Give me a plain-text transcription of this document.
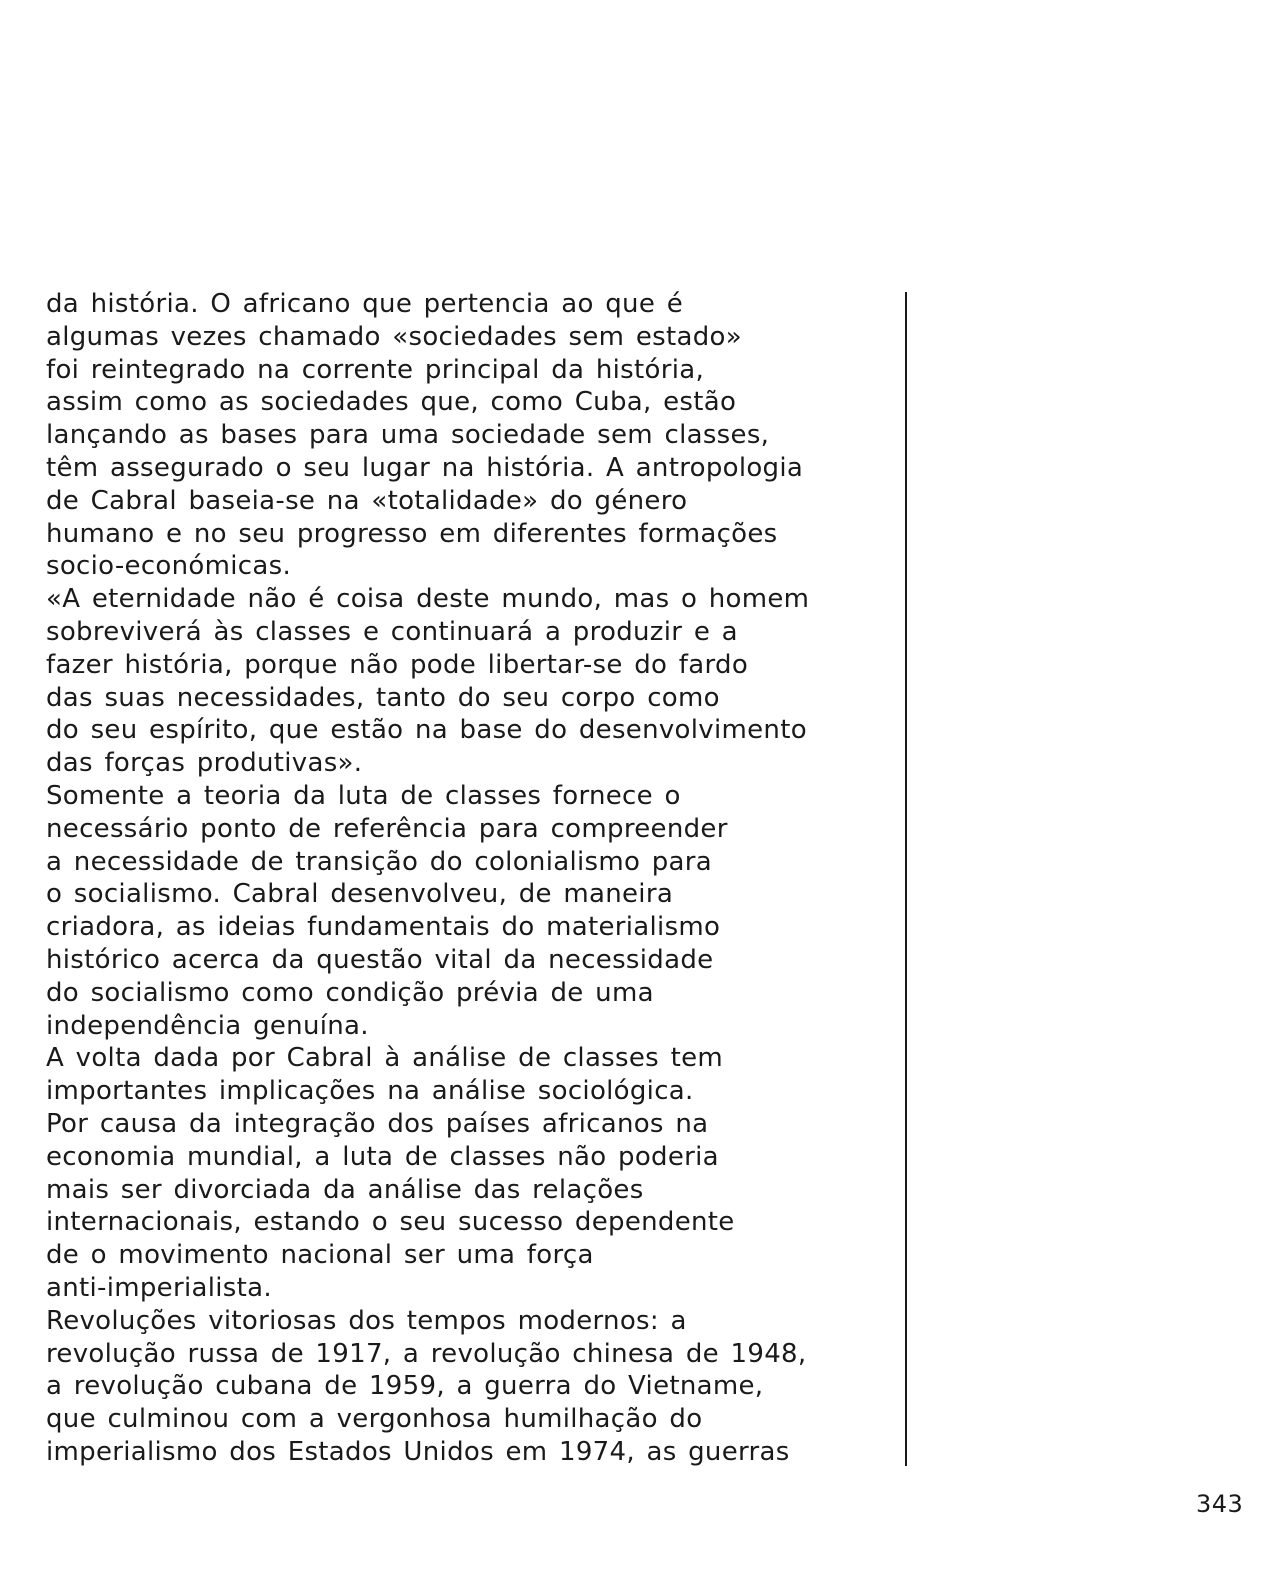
da história. O africano que pertencia ao que é
algumas vezes chamado «sociedades sem estado»
foi reintegrado na corrente principal da história,
assim como as sociedades que, como Cuba, estão
lançando as bases para uma sociedade sem classes,
têm assegurado o seu lugar na história. A antropologia
de Cabral baseia-se na «totalidade» do género
humano e no seu progresso em diferentes formações
socio-económicas.
«A eternidade não é coisa deste mundo, mas o homem
sobreviverá às classes e continuará a produzir e a
fazer história, porque não pode libertar-se do fardo
das suas necessidades, tanto do seu corpo como
do seu espírito, que estão na base do desenvolvimento
das forças produtivas».
Somente a teoria da luta de classes fornece o
necessário ponto de referência para compreender
a necessidade de transição do colonialismo para
o socialismo. Cabral desenvolveu, de maneira
criadora, as ideias fundamentais do materialismo
histórico acerca da questão vital da necessidade
do socialismo como condição prévia de uma
independência genuína.
A volta dada por Cabral à análise de classes tem
importantes implicações na análise sociológica.
Por causa da integração dos países africanos na
economia mundial, a luta de classes não poderia
mais ser divorciada da análise das relações
internacionais, estando o seu sucesso dependente
de o movimento nacional ser uma força
anti-imperialista.
Revoluções vitoriosas dos tempos modernos: a
revolução russa de 1917, a revolução chinesa de 1948,
a revolução cubana de 1959, a guerra do Vietname,
que culminou com a vergonhosa humilhação do
imperialismo dos Estados Unidos em 1974, as guerras
343
